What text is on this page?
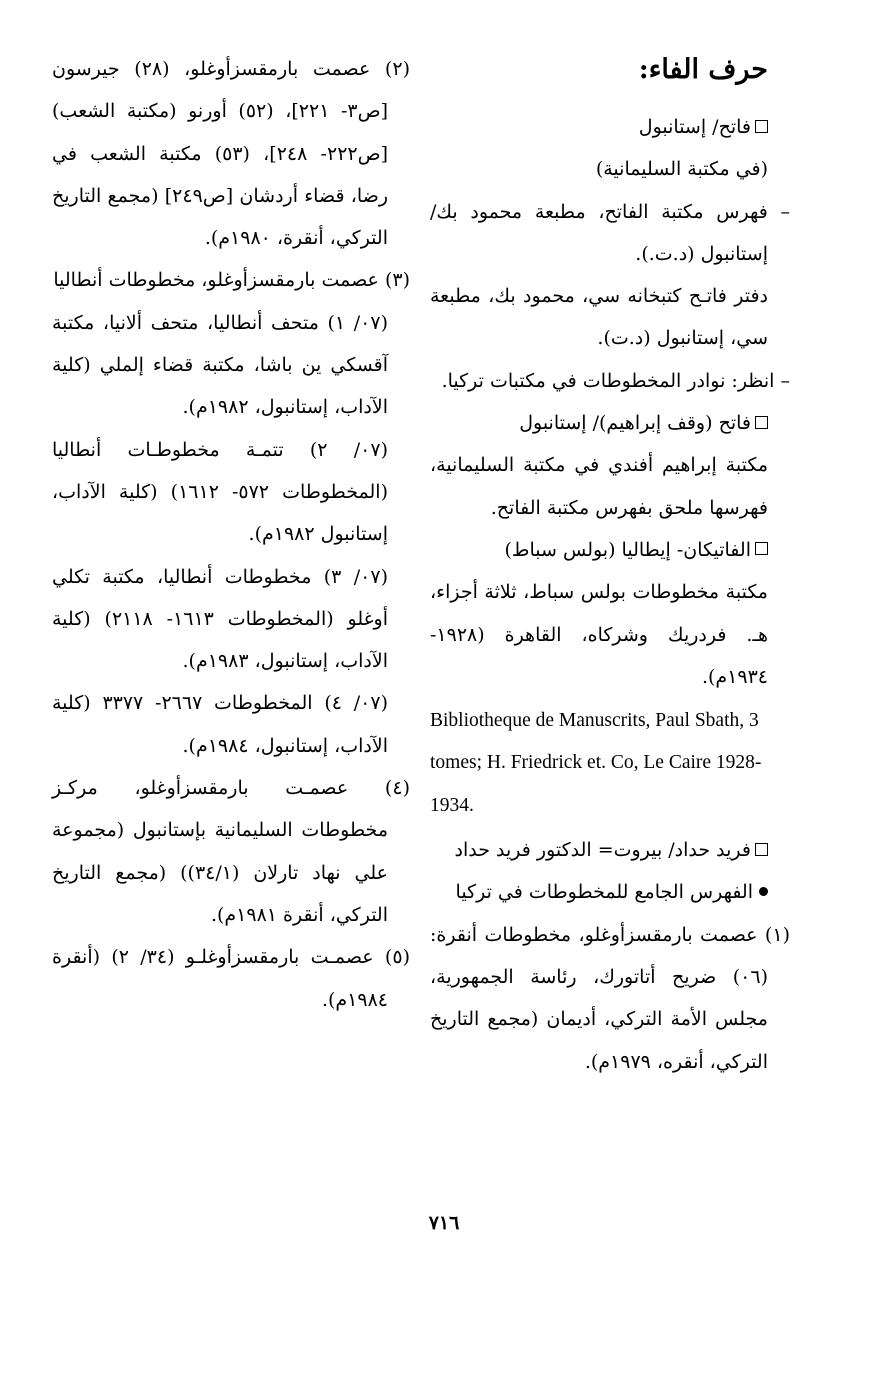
حرف الفاء:

فاتح/ إستانبول

(في مكتبة السليمانية)

– فهرس مكتبة الفاتح، مطبعة محمود بك/ إستانبول (د.ت.).

دفتر فاتـح كتبخانه سي، محمود بك، مطبعة سي، إستانبول (د.ت).

– انظر: نوادر المخطوطات في مكتبات تركيا.

فاتح (وقف إبراهيم)/ إستانبول

مكتبة إبراهيم أفندي في مكتبة السليمانية، فهرسها ملحق بفهرس مكتبة الفاتح.

الفاتيكان- إيطاليا (بولس سباط)

مكتبة مخطوطات بولس سباط، ثلاثة أجزاء، هـ. فردريك وشركاه، القاهرة (١٩٢٨- ١٩٣٤م).

Bibliotheque de Manuscrits, Paul Sbath, 3 tomes; H. Friedrick et. Co, Le Caire 1928- 1934.

فريد حداد/ بيروت= الدكتور فريد حداد

الفهرس الجامع للمخطوطات في تركيا

(١) عصمت بارمقسزأوغلو، مخطوطات أنقرة: (٠٦) ضريح أتاتورك، رئاسة الجمهورية، مجلس الأمة التركي، أديمان (مجمع التاريخ التركي، أنقره، ١٩٧٩م).

(٢) عصمت بارمقسزأوغلو، (٢٨) جيرسون [ص٣- ٢٢١]، (٥٢) أورنو (مكتبة الشعب) [ص٢٢٢- ٢٤٨]، (٥٣) مكتبة الشعب في رضا، قضاء أردشان [ص٢٤٩] (مجمع التاريخ التركي، أنقرة، ١٩٨٠م).

(٣) عصمت بارمقسزأوغلو، مخطوطات أنطاليا

(٠٧/ ١) متحف أنطاليا، متحف ألانيا، مكتبة آقسكي ين باشا، مكتبة قضاء إلملي (كلية الآداب، إستانبول، ١٩٨٢م).

(٠٧/ ٢) تتمـة مخطوطـات أنطاليا (المخطوطات ٥٧٢- ١٦١٢) (كلية الآداب، إستانبول ١٩٨٢م).

(٠٧/ ٣) مخطوطات أنطاليا، مكتبة تكلي أوغلو (المخطوطات ١٦١٣- ٢١١٨) (كلية الآداب، إستانبول، ١٩٨٣م).

(٠٧/ ٤) المخطوطات ٢٦٦٧- ٣٣٧٧ (كلية الآداب، إستانبول، ١٩٨٤م).

(٤) عصمـت بارمقسزأوغلو، مركـز مخطوطات السليمانية بإستانبول (مجموعة علي نهاد تارلان (٣٤/١)) (مجمع التاريخ التركي، أنقرة ١٩٨١م).

(٥) عصمـت بارمقسزأوغلـو (٣٤/ ٢) (أنقرة ١٩٨٤م).

٧١٦
